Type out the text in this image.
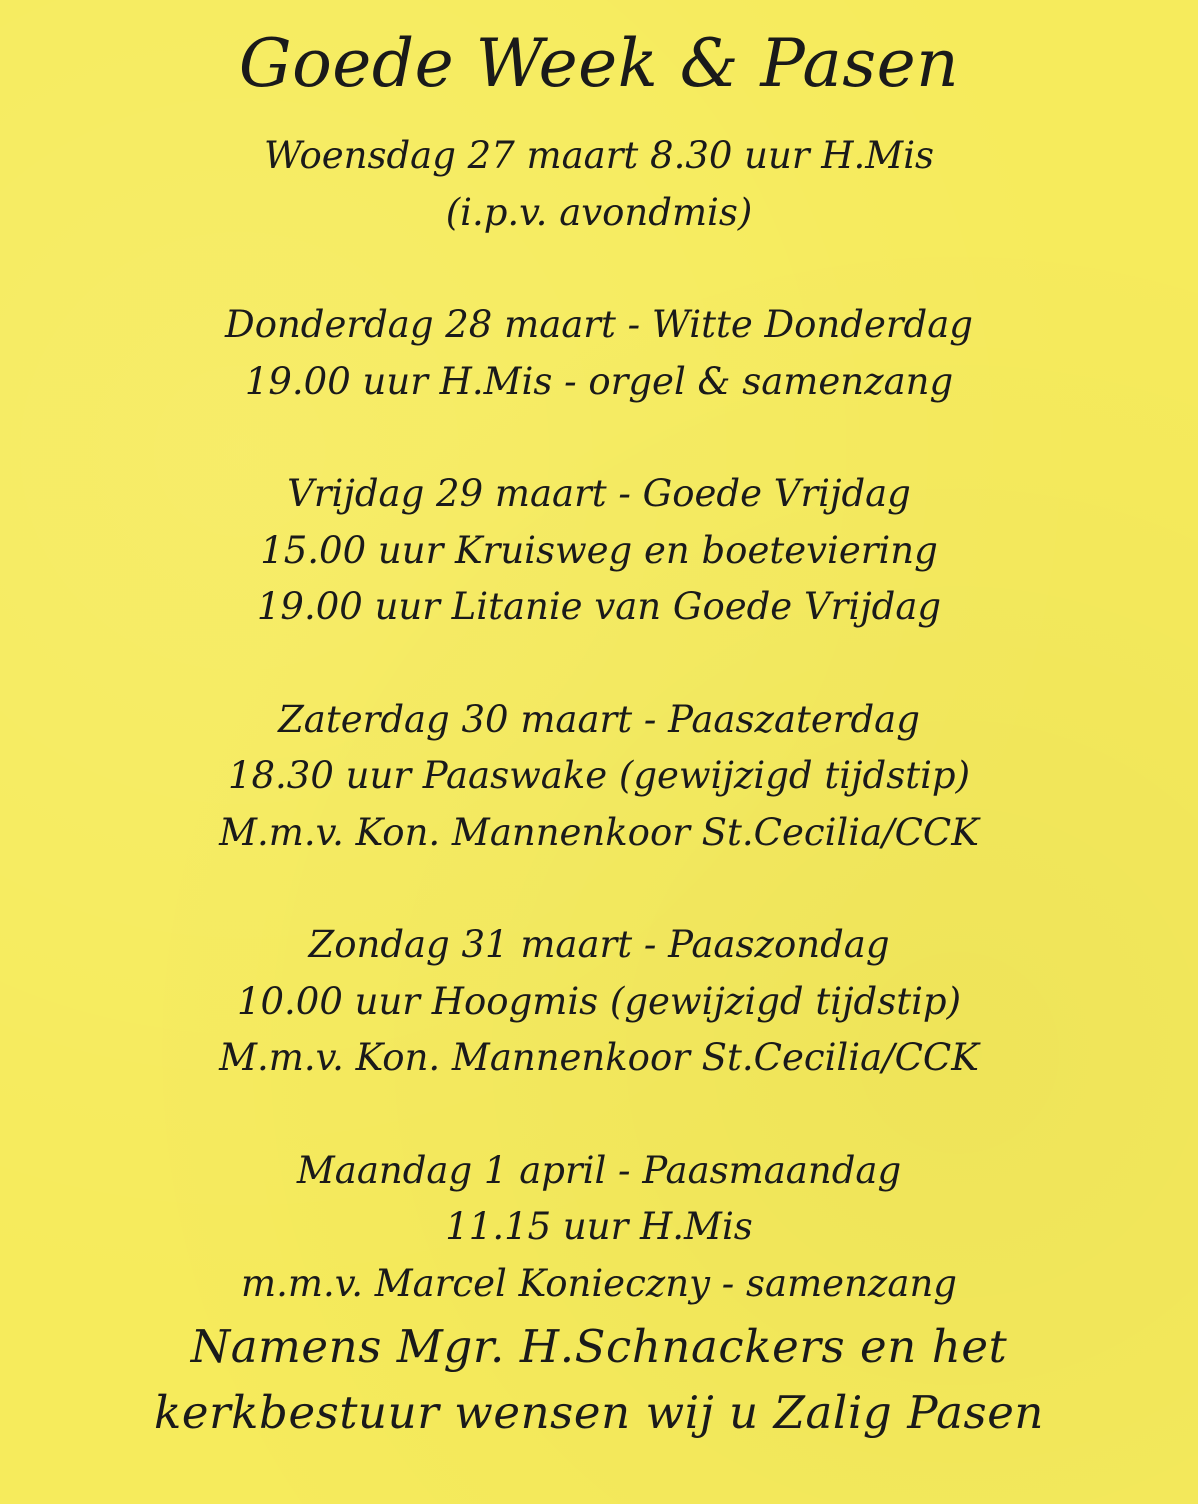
Goede Week & Pasen
Woensdag 27 maart 8.30 uur H.Mis
(i.p.v. avondmis)
Donderdag 28 maart - Witte Donderdag
19.00 uur H.Mis - orgel & samenzang
Vrijdag 29 maart - Goede Vrijdag
15.00 uur Kruisweg en boeteviering
19.00 uur Litanie van Goede Vrijdag
Zaterdag 30 maart - Paaszaterdag
18.30 uur Paaswake (gewijzigd tijdstip)
M.m.v. Kon. Mannenkoor St.Cecilia/CCK
Zondag 31 maart - Paaszondag
10.00 uur Hoogmis (gewijzigd tijdstip)
M.m.v. Kon. Mannenkoor St.Cecilia/CCK
Maandag 1 april - Paasmaandag
11.15 uur H.Mis
m.m.v. Marcel Konieczny - samenzang
Namens Mgr. H.Schnackers en het
kerkbestuur wensen wij u Zalig Pasen
